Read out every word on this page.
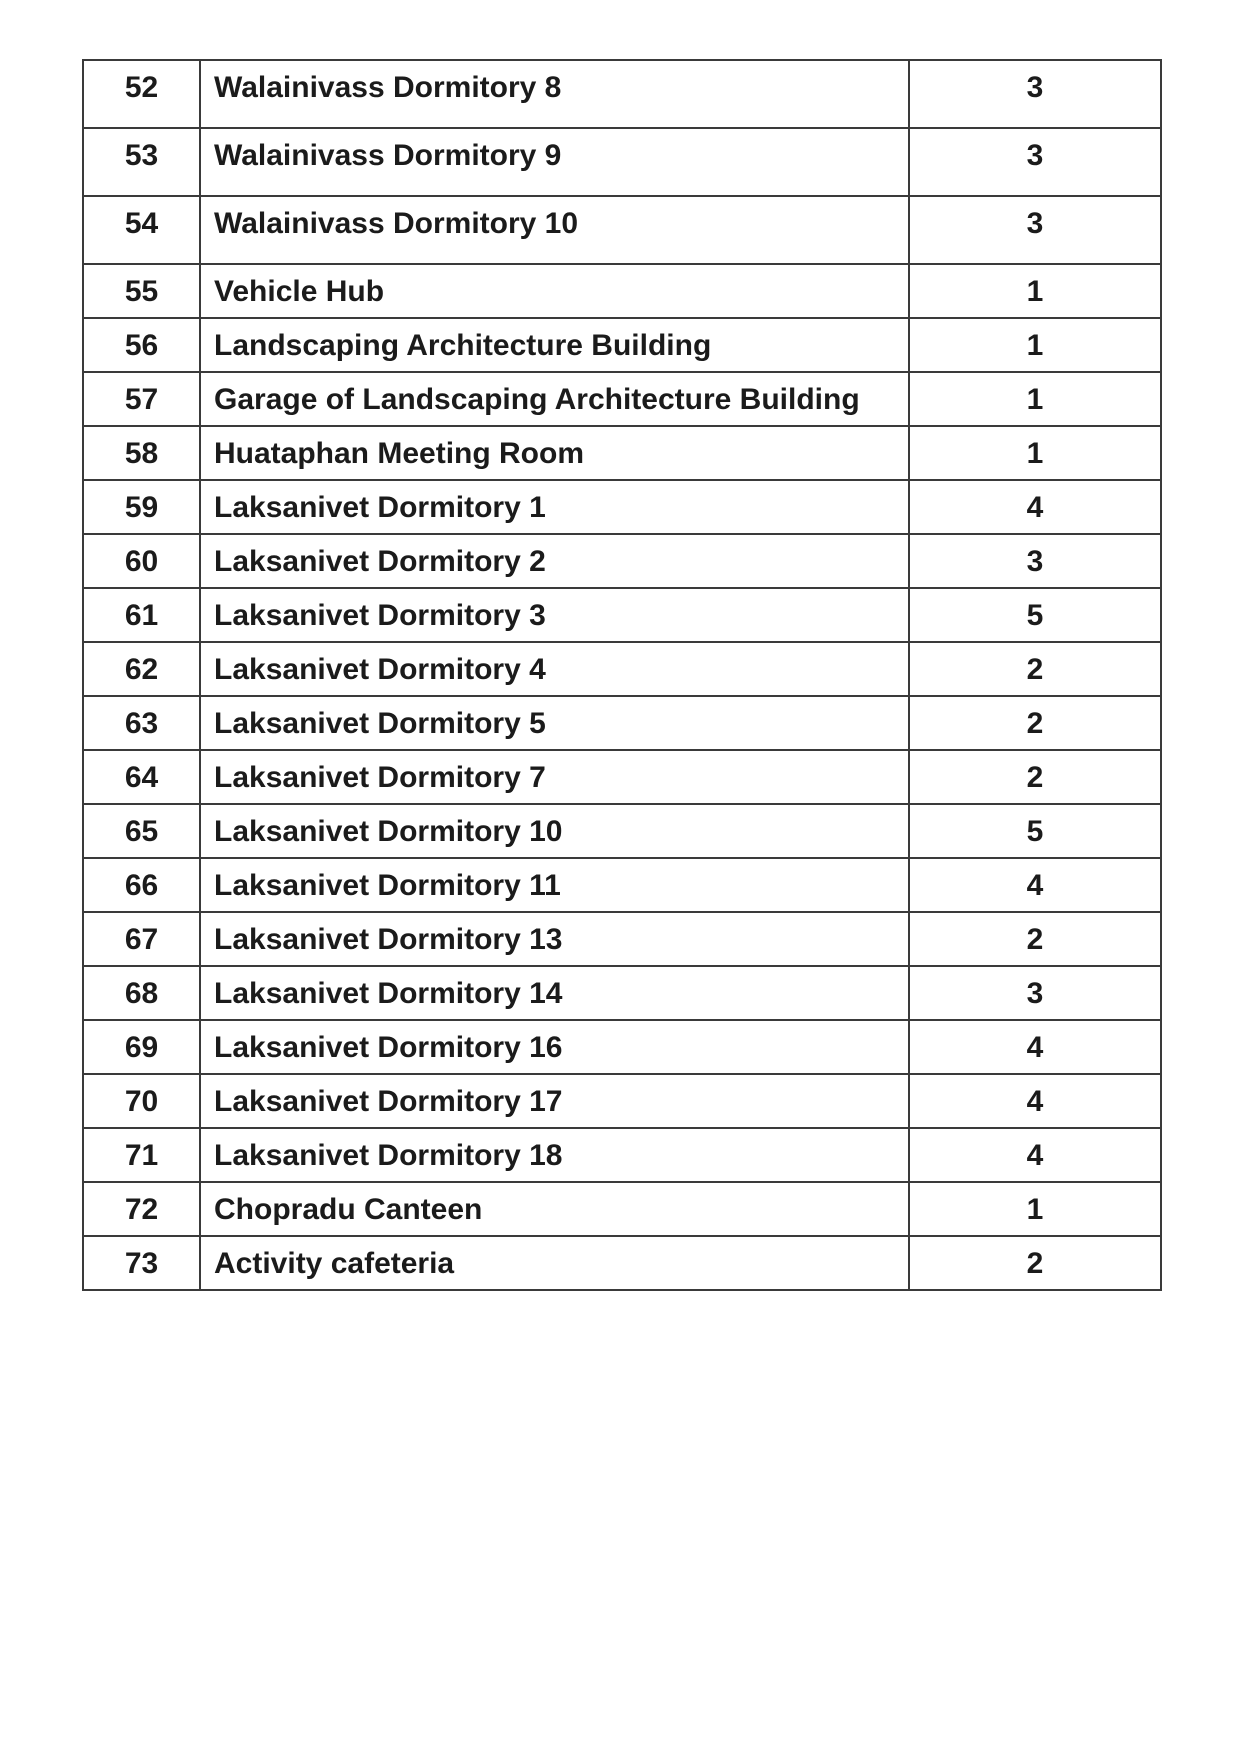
52	Walainivass Dormitory 8	3
53	Walainivass Dormitory 9	3
54	Walainivass Dormitory 10	3
55	Vehicle Hub	1
56	Landscaping Architecture Building	1
57	Garage of Landscaping Architecture Building	1
58	Huataphan Meeting Room	1
59	Laksanivet Dormitory 1	4
60	Laksanivet Dormitory 2	3
61	Laksanivet Dormitory 3	5
62	Laksanivet Dormitory 4	2
63	Laksanivet Dormitory 5	2
64	Laksanivet Dormitory 7	2
65	Laksanivet Dormitory 10	5
66	Laksanivet Dormitory 11	4
67	Laksanivet Dormitory 13	2
68	Laksanivet Dormitory 14	3
69	Laksanivet Dormitory 16	4
70	Laksanivet Dormitory 17	4
71	Laksanivet Dormitory 18	4
72	Chopradu Canteen	1
73	Activity cafeteria	2
